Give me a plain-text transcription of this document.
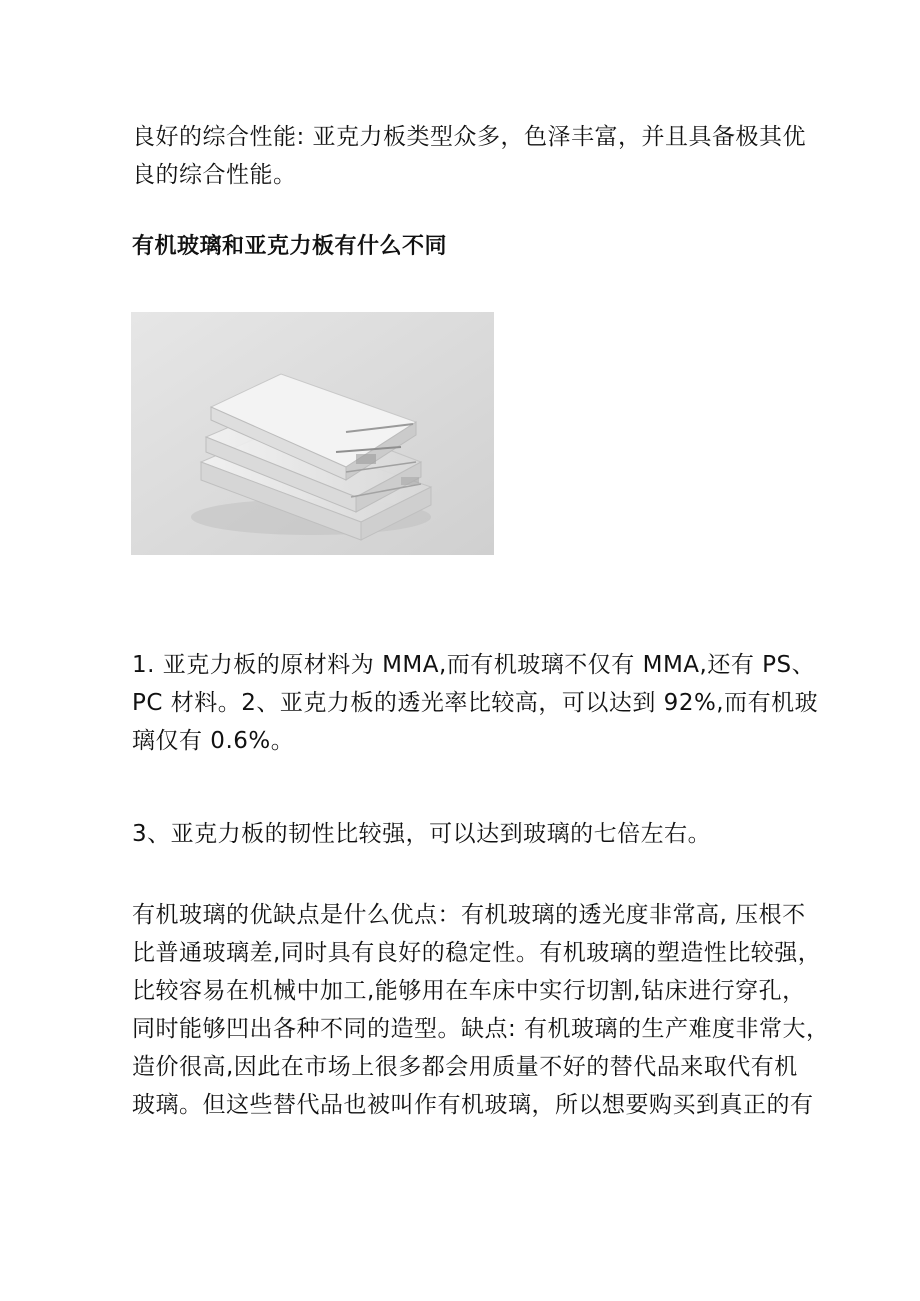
良好的综合性能: 亚克力板类型众多，色泽丰富，并且具备极其优
良的综合性能。

有机玻璃和亚克力板有什么不同

1. 亚克力板的原材料为 MMA,而有机玻璃不仅有 MMA,还有 PS、
PC 材料。2、亚克力板的透光率比较高，可以达到 92%,而有机玻
璃仅有 0.6%。

3、亚克力板的韧性比较强，可以达到玻璃的七倍左右。

有机玻璃的优缺点是什么优点：有机玻璃的透光度非常高, 压根不
比普通玻璃差,同时具有良好的稳定性。有机玻璃的塑造性比较强，
比较容易在机械中加工,能够用在车床中实行切割,钻床进行穿孔，
同时能够凹出各种不同的造型。缺点: 有机玻璃的生产难度非常大，
造价很高,因此在市场上很多都会用质量不好的替代品来取代有机
玻璃。但这些替代品也被叫作有机玻璃，所以想要购买到真正的有
